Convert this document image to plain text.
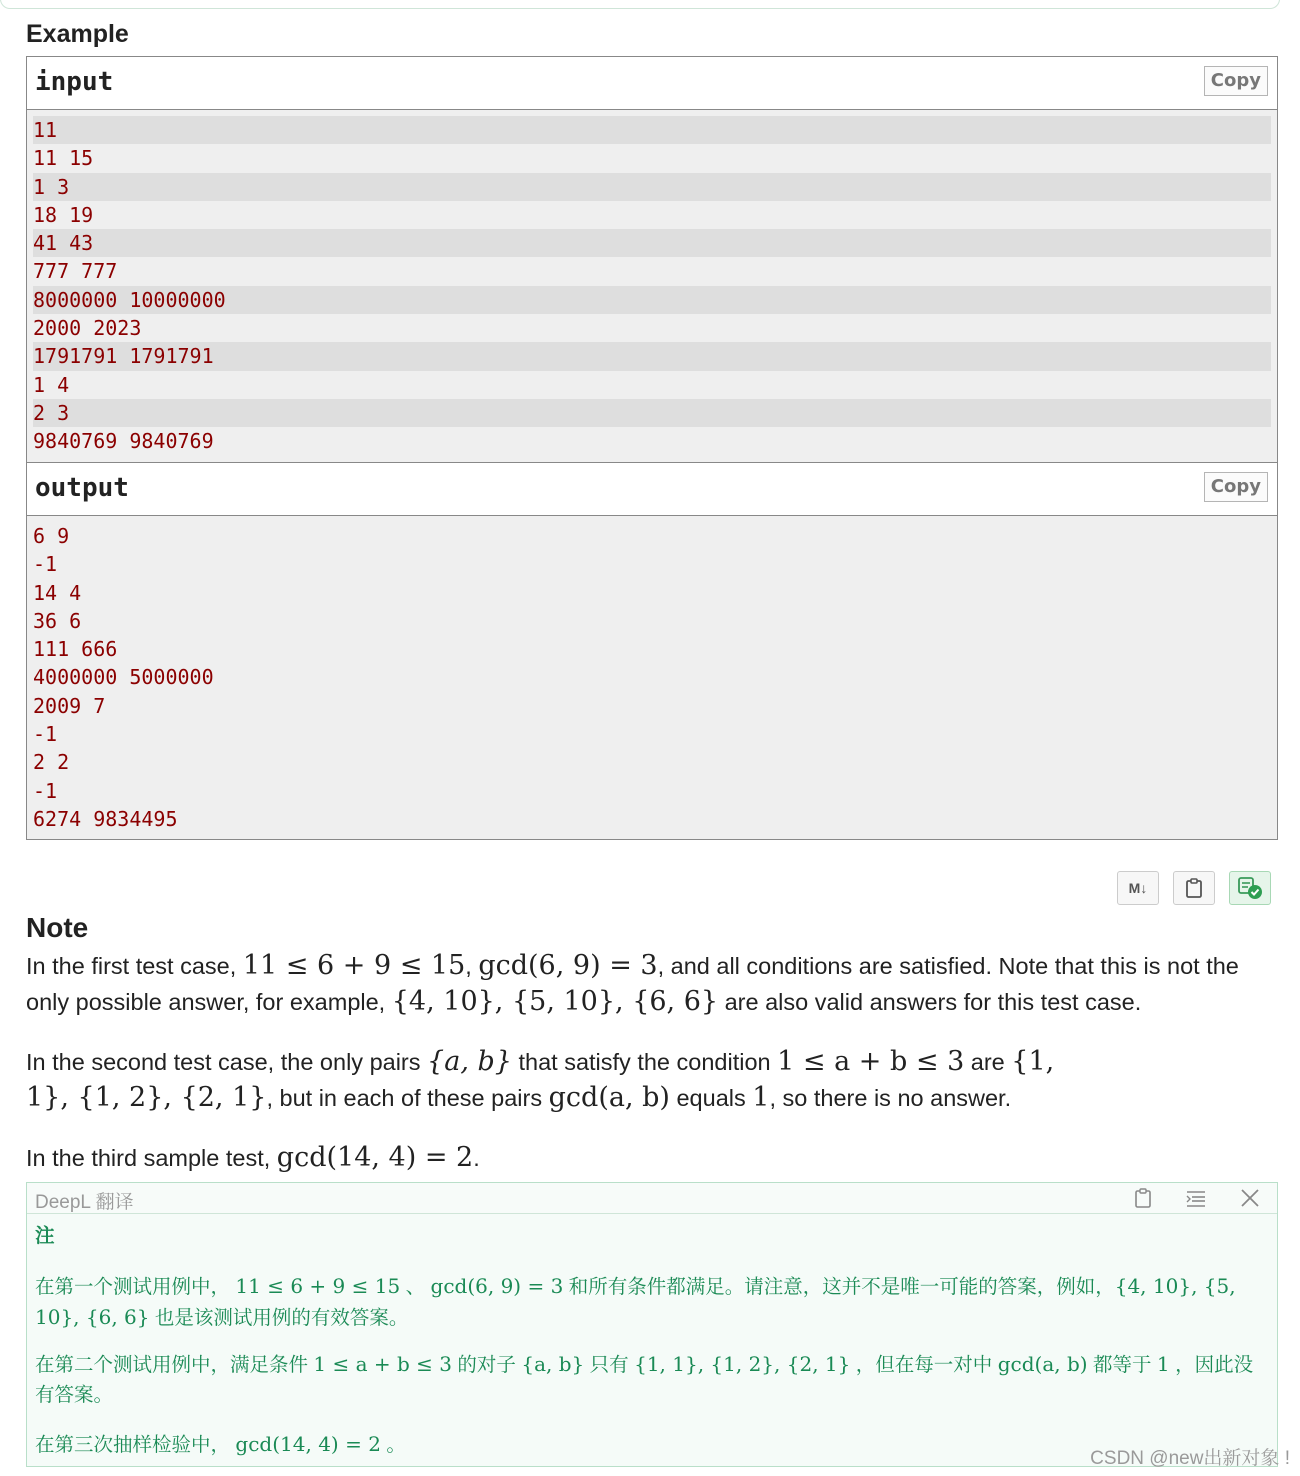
Example
input	Copy
11
11 15
1 3
18 19
41 43
777 777
8000000 10000000
2000 2023
1791791 1791791
1 4
2 3
9840769 9840769
output	Copy
6 9
-1
14 4
36 6
111 666
4000000 5000000
2009 7
-1
2 2
-1
6274 9834495
M↓
Note
In the first test case, 11 ≤ 6 + 9 ≤ 15, gcd(6, 9) = 3, and all conditions are satisfied. Note that this is not the only possible answer, for example, {4, 10}, {5, 10}, {6, 6} are also valid answers for this test case.
In the second test case, the only pairs {a, b} that satisfy the condition 1 ≤ a + b ≤ 3 are {1, 1}, {1, 2}, {2, 1}, but in each of these pairs gcd(a, b) equals 1, so there is no answer.
In the third sample test, gcd(14, 4) = 2.
DeepL 翻译
注
在第一个测试用例中， 11 ≤ 6 + 9 ≤ 15 、 gcd(6, 9) = 3 和所有条件都满足。请注意，这并不是唯一可能的答案，例如，{4, 10}, {5, 10}, {6, 6} 也是该测试用例的有效答案。
在第二个测试用例中，满足条件 1 ≤ a + b ≤ 3 的对子 {a, b} 只有 {1, 1}, {1, 2}, {2, 1} ，但在每一对中 gcd(a, b) 都等于 1 ，因此没有答案。
在第三次抽样检验中， gcd(14, 4) = 2 。
CSDN @new出新对象 !
